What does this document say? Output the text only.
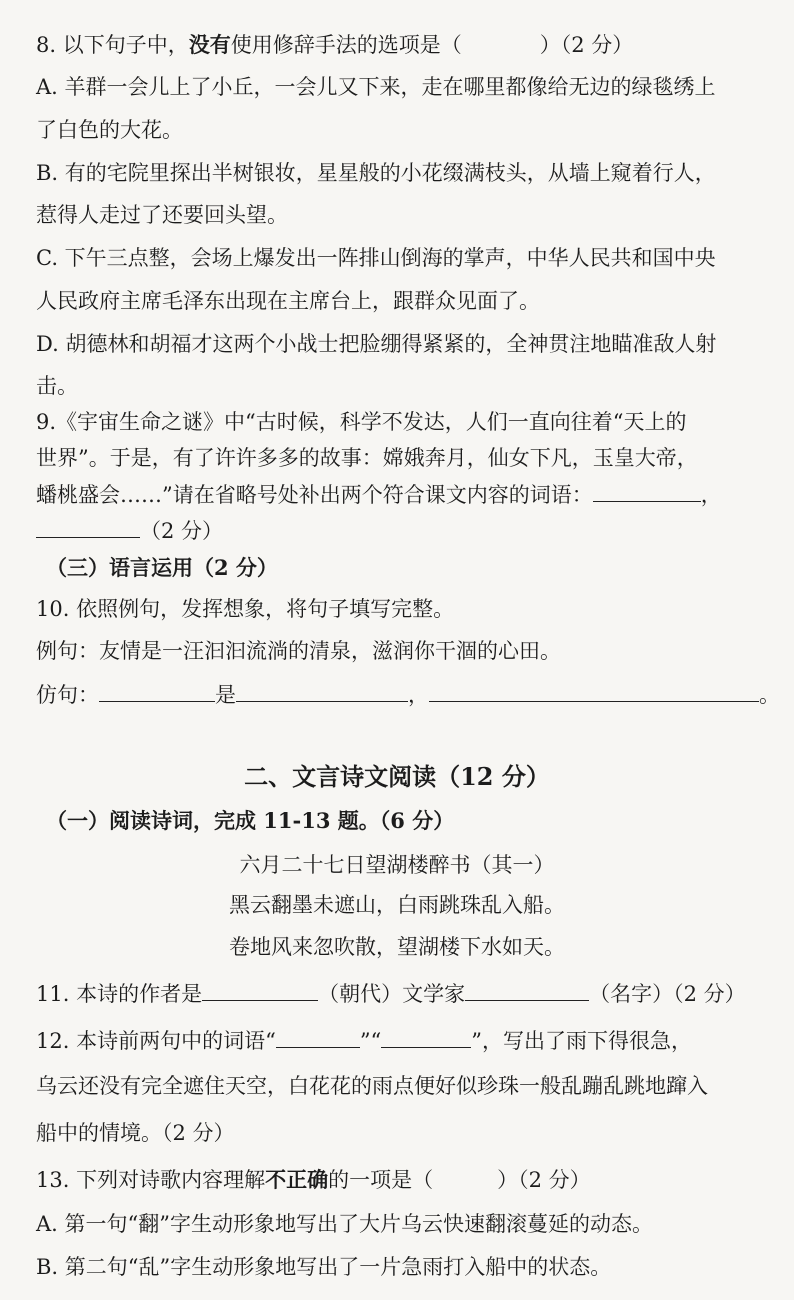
8. 以下句子中，没有使用修辞手法的选项是（	）（2 分）
A. 羊群一会儿上了小丘，一会儿又下来，走在哪里都像给无边的绿毯绣上
了白色的大花。
B. 有的宅院里探出半树银妆，星星般的小花缀满枝头，从墙上窥着行人，
惹得人走过了还要回头望。
C. 下午三点整，会场上爆发出一阵排山倒海的掌声，中华人民共和国中央
人民政府主席毛泽东出现在主席台上，跟群众见面了。
D. 胡德林和胡福才这两个小战士把脸绷得紧紧的，全神贯注地瞄准敌人射
击。
9.《宇宙生命之谜》中“古时候，科学不发达，人们一直向往着“天上的
世界”。于是，有了许许多多的故事：嫦娥奔月，仙女下凡，玉皇大帝，
蟠桃盛会……”请在省略号处补出两个符合课文内容的词语：	，
（2 分）
（三）语言运用（2 分）
10. 依照例句，发挥想象，将句子填写完整。
例句：友情是一汪汩汩流淌的清泉，滋润你干涸的心田。
仿句：	是	，	。
二、文言诗文阅读（12 分）
（一）阅读诗词，完成 11-13 题。（6 分）
六月二十七日望湖楼醉书（其一）
黑云翻墨未遮山，白雨跳珠乱入船。
卷地风来忽吹散，望湖楼下水如天。
11. 本诗的作者是	（朝代）文学家	（名字）（2 分）
12. 本诗前两句中的词语“	”“	”，写出了雨下得很急，
乌云还没有完全遮住天空，白花花的雨点便好似珍珠一般乱蹦乱跳地蹿入
船中的情境。（2 分）
13. 下列对诗歌内容理解不正确的一项是（	）（2 分）
A. 第一句“翻”字生动形象地写出了大片乌云快速翻滚蔓延的动态。
B. 第二句“乱”字生动形象地写出了一片急雨打入船中的状态。
